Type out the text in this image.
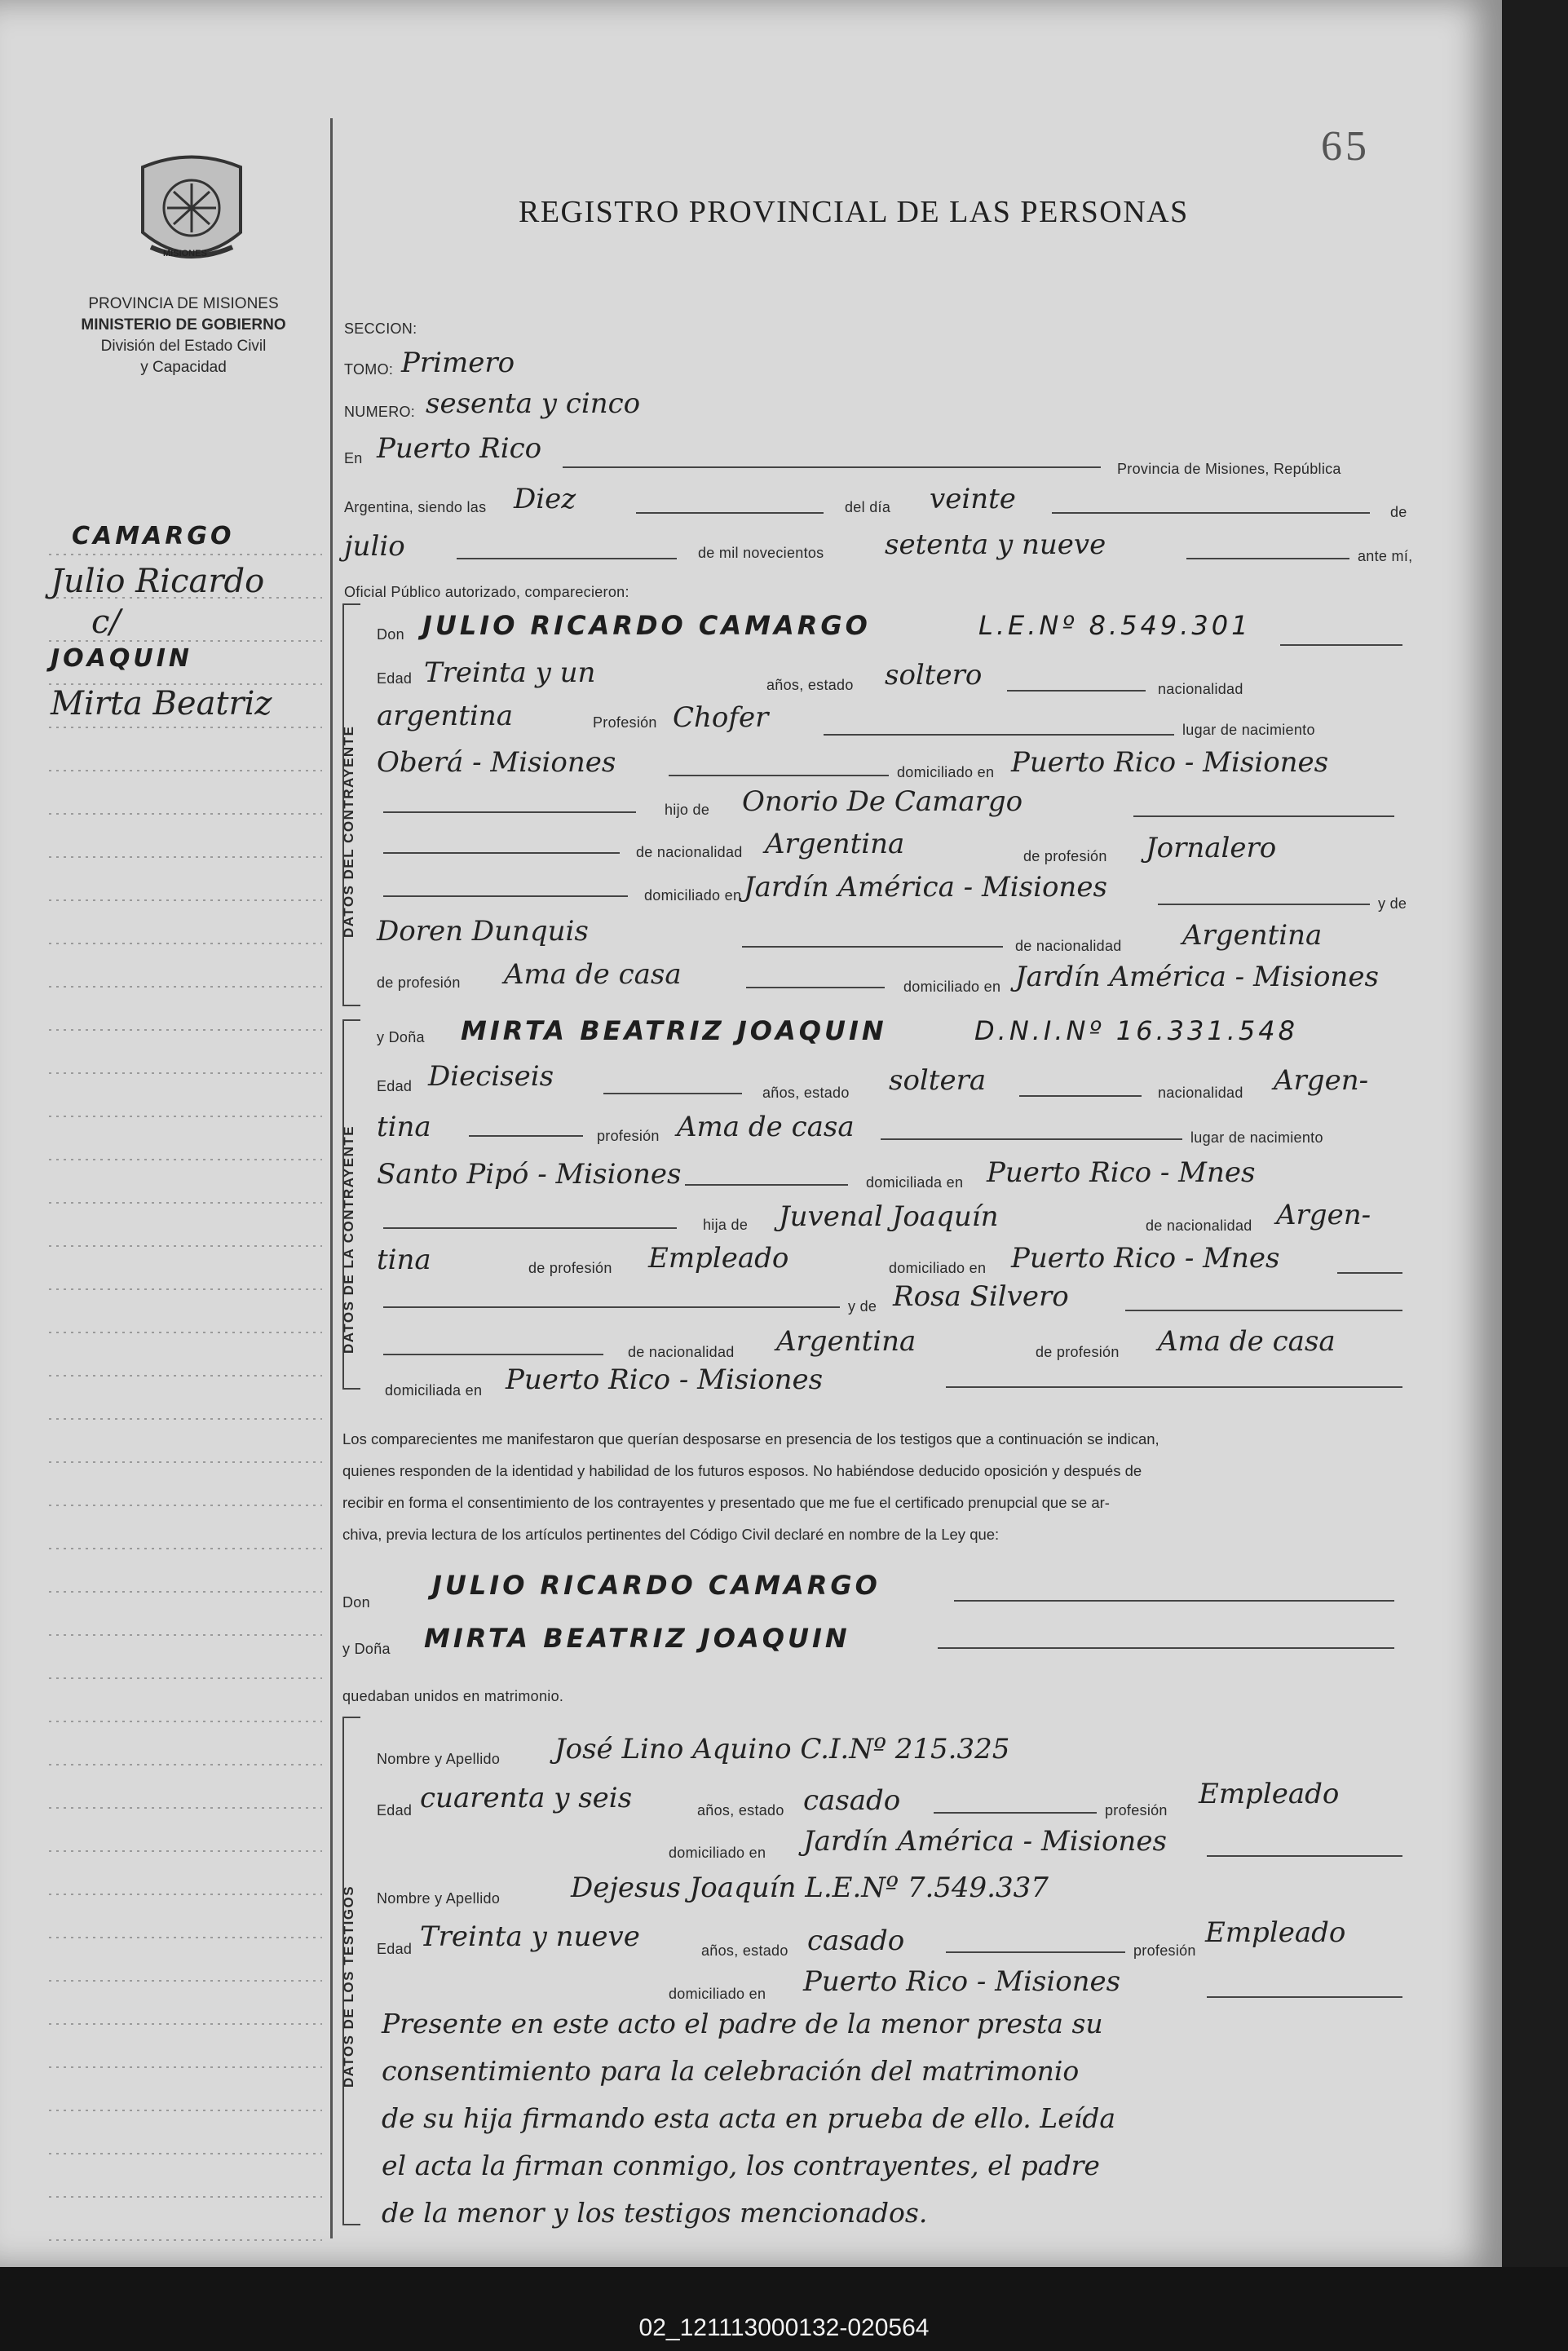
02_121113000132-020564
65
MISIONES
PROVINCIA DE MISIONES
MINISTERIO DE GOBIERNO
División del Estado Civil
y Capacidad
REGISTRO PROVINCIAL DE LAS PERSONAS
CAMARGO
Julio Ricardo
c/
JOAQUIN
Mirta Beatriz
SECCION:
TOMO: Primero
NUMERO: sesenta y cinco
En Puerto Rico
Provincia de Misiones, República
Argentina, siendo las Diez	del día veinte	de
julio	de mil novecientos setenta y nueve	ante mí,
Oficial Público autorizado, comparecieron:
DATOS DEL CONTRAYENTE
Don JULIO RICARDO CAMARGO	L.E.Nº 8.549.301
Edad Treinta y un	años, estado soltero	nacionalidad
argentina	Profesión Chofer	lugar de nacimiento
Oberá - Misiones	domiciliado en Puerto Rico - Misiones
hijo de Onorio De Camargo
de nacionalidad Argentina	de profesión Jornalero
domiciliado en Jardín América - Misiones	y de
Doren Dunquis	de nacionalidad Argentina
de profesión Ama de casa	domiciliado en Jardín América - Misiones
DATOS DE LA CONTRAYENTE
y Doña MIRTA BEATRIZ JOAQUIN	D.N.I.Nº 16.331.548
Edad Dieciseis	años, estado soltera	nacionalidad Argen-
tina	profesión Ama de casa	lugar de nacimiento
Santo Pipó - Misiones	domiciliada en Puerto Rico - Mnes
hija de Juvenal Joaquín	de nacionalidad Argen-
tina	de profesión Empleado	domiciliado en Puerto Rico - Mnes
y de Rosa Silvero
de nacionalidad Argentina	de profesión Ama de casa
domiciliada en Puerto Rico - Misiones
Los comparecientes me manifestaron que querían desposarse en presencia de los testigos que a continuación se indican,
quienes responden de la identidad y habilidad de los futuros esposos. No habiéndose deducido oposición y después de
recibir en forma el consentimiento de los contrayentes y presentado que me fue el certificado prenupcial que se ar-
chiva, previa lectura de los artículos pertinentes del Código Civil declaré en nombre de la Ley que:
Don
JULIO RICARDO CAMARGO
y Doña MIRTA BEATRIZ JOAQUIN
quedaban unidos en matrimonio.
DATOS DE LOS TESTIGOS
Nombre y Apellido José Lino Aquino C.I.Nº 215.325
Edad cuarenta y seis	años, estado casado	profesión Empleado
domiciliado en Jardín América - Misiones
Nombre y Apellido	Dejesus Joaquín L.E.Nº 7.549.337
Edad Treinta y nueve	años, estado casado	profesión
Empleado
domiciliado en Puerto Rico - Misiones
Presente en este acto el padre de la menor presta su
consentimiento para la celebración del matrimonio
de su hija firmando esta acta en prueba de ello. Leída
el acta la firman conmigo, los contrayentes, el padre
de la menor y los testigos mencionados.
